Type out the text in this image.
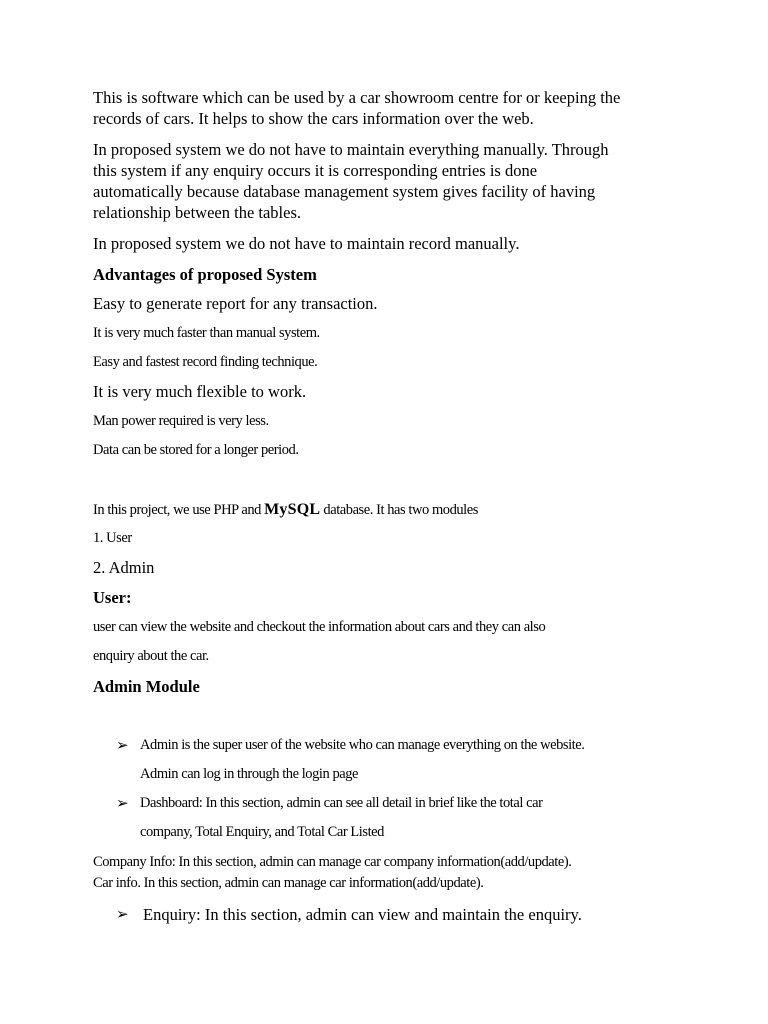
This is software which can be used by a car showroom centre for or keeping the
records of cars. It helps to show the cars information over the web.
In proposed system we do not have to maintain everything manually. Through
this system if any enquiry occurs it is corresponding entries is done
automatically because database management system gives facility of having
relationship between the tables.
In proposed system we do not have to maintain record manually.
Advantages of proposed System
Easy to generate report for any transaction.
It is very much faster than manual system.
Easy and fastest record finding technique.
It is very much flexible to work.
Man power required is very less.
Data can be stored for a longer period.
In this project, we use PHP and MySQL database. It has two modules
1. User
2. Admin
User:
user can view the website and checkout the information about cars and they can also
enquiry about the car.
Admin Module
➢ Admin is the super user of the website who can manage everything on the website.
Admin can log in through the login page
➢ Dashboard: In this section, admin can see all detail in brief like the total car
company, Total Enquiry, and Total Car Listed
Company Info: In this section, admin can manage car company information(add/update).
Car info. In this section, admin can manage car information(add/update).
➢ Enquiry: In this section, admin can view and maintain the enquiry.
